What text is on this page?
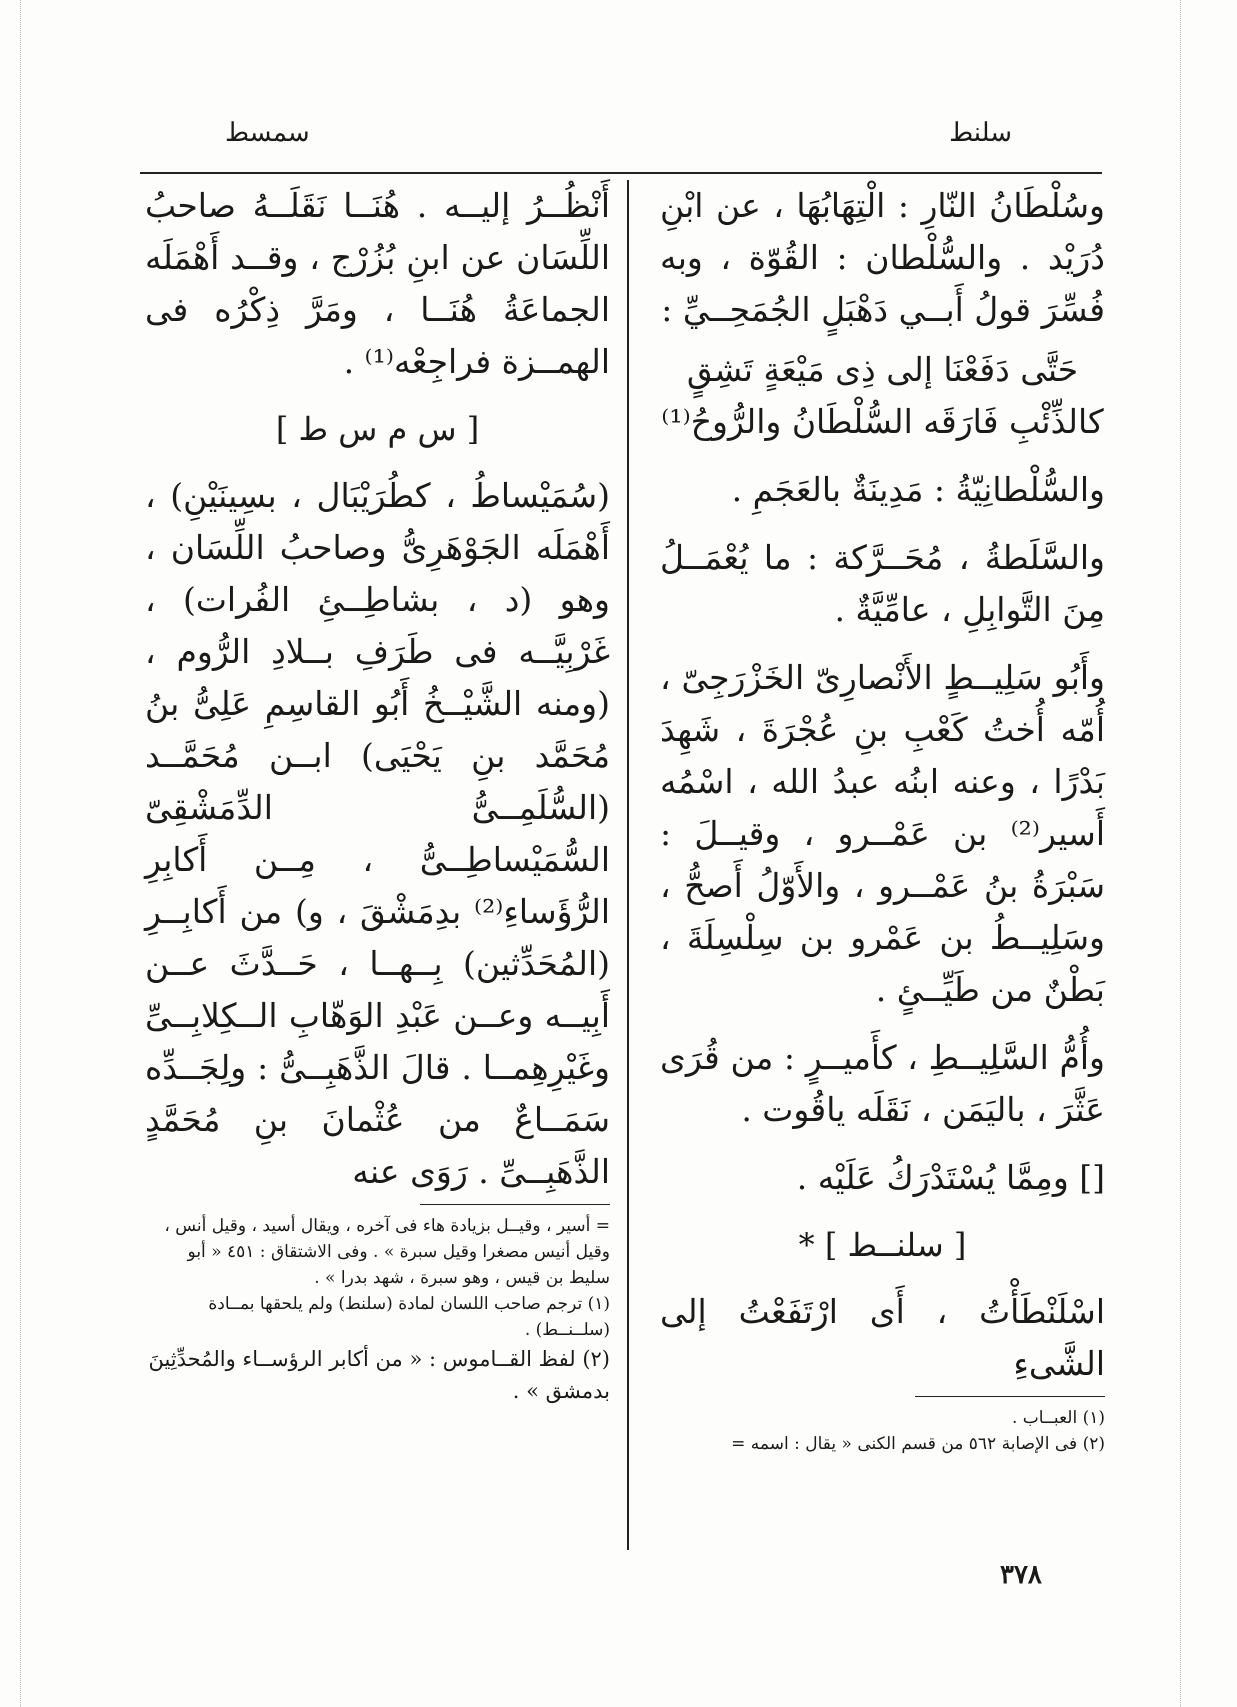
سلنط
سمسط

وسُلْطَانُ النّارِ : الْتِهَابُهَا ، عن ابْنِ دُرَيْد . والسُّلْطان : القُوّة ، وبه فُسِّرَ قولُ أَبــي دَهْبَلٍ الجُمَحِــيِّ :

حَتَّى دَفَعْنَا إلى ذِى مَيْعَةٍ تَشِقٍ

كالذِّئْبِ فَارَقَه السُّلْطَانُ والرُّوحُ⁽¹⁾

والسُّلْطانِيّةُ : مَدِينَةٌ بالعَجَمِ .

والسَّلَطةُ ، مُحَــرَّكة : ما يُعْمَــلُ مِنَ التَّوابِلِ ، عامِّيَّةٌ .

وأَبُو سَلِيــطٍ الأَنْصارِىّ الخَزْرَجِىّ ، أُمّه أُختُ كَعْبِ بنِ عُجْرَةَ ، شَهِدَ بَدْرًا ، وعنه ابنُه عبدُ الله ، اسْمُه أَسير⁽²⁾ بن عَمْــرو ، وقيــلَ : سَبْرَةُ بنُ عَمْــرو ، والأَوّلُ أَصحُّ ، وسَلِيــطُ بن عَمْرو بن سِلْسِلَةَ ، بَطْنٌ من طَيِّــئٍ .

وأُمُّ السَّلِيــطِ ، كأَميــرٍ : من قُرَى عَثَّرَ ، باليَمَن ، نَقَلَه ياقُوت .

[] ومِمَّا يُسْتَدْرَكُ عَلَيْه .

[ سلنــط ] *

اسْلَنْطَأْتُ ، أَى ارْتَفَعْتُ إلى الشَّىءِ

(١) العبــاب .

(٢) فى الإصابة ٥٦٢ من قسم الكنى « يقال : اسمه =

أَنْظُــرُ إليــه . هُنَــا نَقَلَــهُ صاحبُ اللِّسَان عن ابنِ بُزُرْج ، وقــد أَهْمَلَه الجماعَةُ هُنَــا ، ومَرَّ ذِكْرُه فى الهمــزة فراجِعْه⁽¹⁾ .

[ س م س ط ]

(سُمَيْساطُ ، كطُرَيْبَال ، بسِينَيْنِ) ، أَهْمَلَه الجَوْهَرِىُّ وصاحبُ اللِّسَان ، وهو (د ، بشاطِــئِ الفُرات) ، غَرْبِيَّــه فى طَرَفِ بــلادِ الرُّوم ، (ومنه الشَّيْــخُ أَبُو القاسِمِ عَلِىُّ بنُ مُحَمَّد بنِ يَحْيَى) ابــن مُحَمَّــد (السُّلَمِــىُّ الدِّمَشْقِىّ السُّمَيْساطِــىُّ ، مِــن أَكابِرِ الرُّؤَساءِ⁽²⁾ بدِمَشْقَ ، و) من أَكابِــرِ (المُحَدِّثين) بِــهــا ، حَــدَّثَ عــن أَبِيــه وعــن عَبْدِ الوَهّابِ الــكِلابِــىِّ وغَيْرِهِمــا . قالَ الذَّهَبِــىُّ : ولِجَــدِّه سَمَــاعٌ من عُثْمانَ بنِ مُحَمَّدٍ الذَّهَبِــىِّ . رَوَى عنه

= أسير ، وقيــل بزيادة هاء فى آخره ، ويقال أسيد ، وقيل أنس ، وقيل أنيس مصغرا وقيل سبرة » . وفى الاشتقاق : ٤٥١ « أبو سليط بن قيس ، وهو سبرة ، شهد بدرا » .

(١) ترجم صاحب اللسان لمادة (سلنط) ولم يلحقها بمــادة (سلــنــط) .

(٢) لفظ القــاموس : « من أكابر الرؤســاء والمُحدِّثِينَ بدمشق » .

٣٧٨
